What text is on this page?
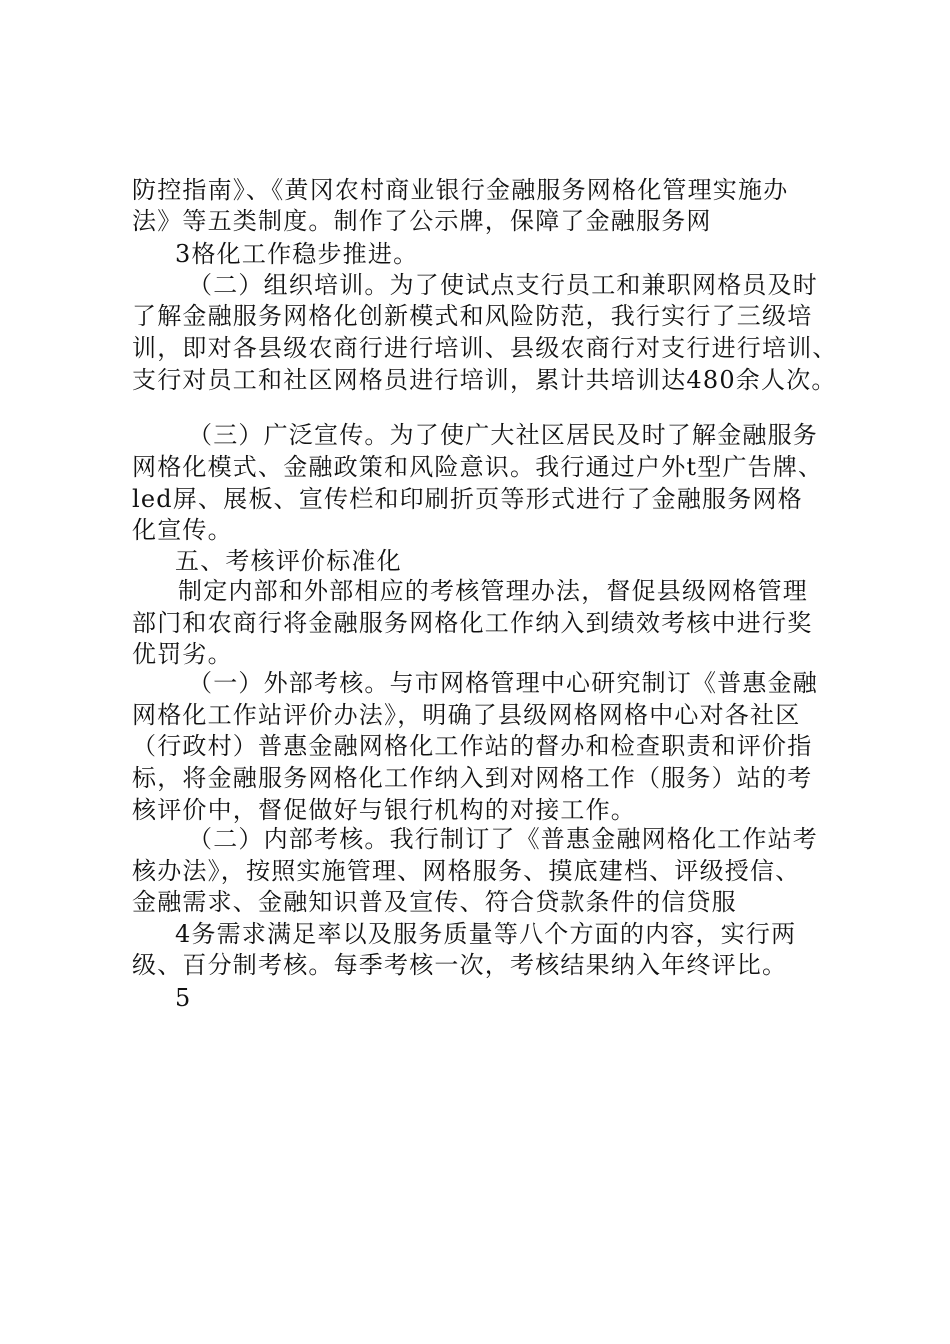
防控指南》、《黄冈农村商业银行金融服务网格化管理实施办
法》等五类制度。制作了公示牌，保障了金融服务网
3格化工作稳步推进。
（二）组织培训。为了使试点支行员工和兼职网格员及时
了解金融服务网格化创新模式和风险防范，我行实行了三级培
训，即对各县级农商行进行培训、县级农商行对支行进行培训、
支行对员工和社区网格员进行培训，累计共培训达480余人次。
（三）广泛宣传。为了使广大社区居民及时了解金融服务
网格化模式、金融政策和风险意识。我行通过户外t型广告牌、
led屏、展板、宣传栏和印刷折页等形式进行了金融服务网格
化宣传。
五、考核评价标准化
制定内部和外部相应的考核管理办法，督促县级网格管理
部门和农商行将金融服务网格化工作纳入到绩效考核中进行奖
优罚劣。
（一）外部考核。与市网格管理中心研究制订《普惠金融
网格化工作站评价办法》，明确了县级网格网格中心对各社区
（行政村）普惠金融网格化工作站的督办和检查职责和评价指
标，将金融服务网格化工作纳入到对网格工作（服务）站的考
核评价中，督促做好与银行机构的对接工作。
（二）内部考核。我行制订了《普惠金融网格化工作站考
核办法》，按照实施管理、网格服务、摸底建档、评级授信、
金融需求、金融知识普及宣传、符合贷款条件的信贷服
4务需求满足率以及服务质量等八个方面的内容，实行两
级、百分制考核。每季考核一次，考核结果纳入年终评比。
5
